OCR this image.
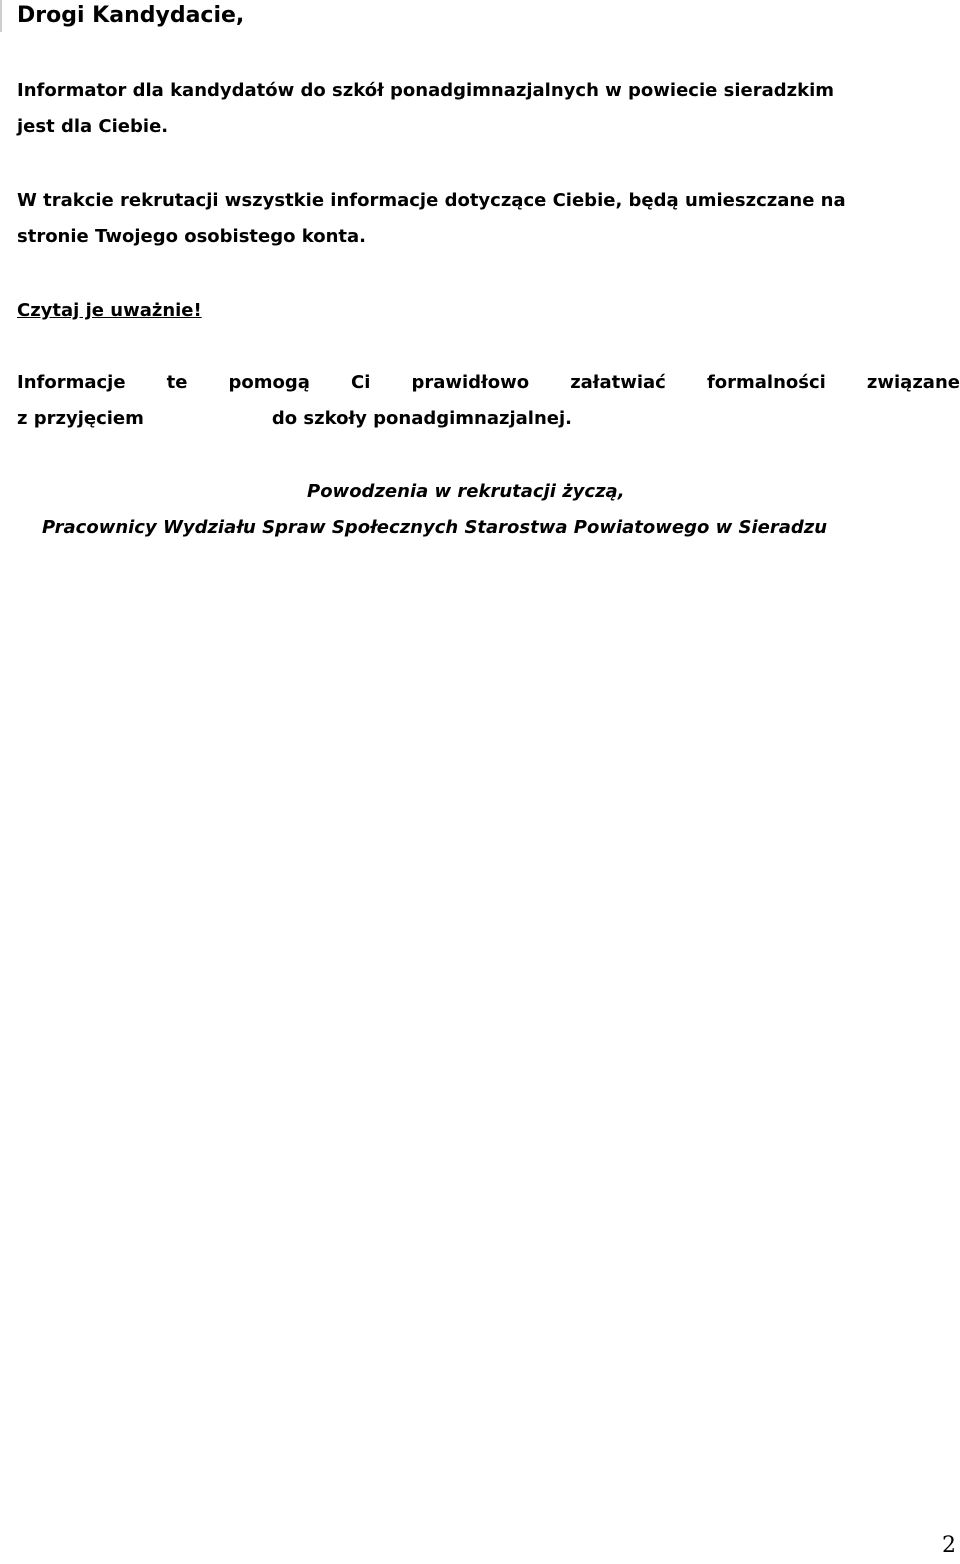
Drogi Kandydacie,
Informator dla kandydatów do szkół ponadgimnazjalnych w powiecie sieradzkim
jest dla Ciebie.
W trakcie rekrutacji wszystkie informacje dotyczące Ciebie, będą umieszczane na
stronie Twojego osobistego konta.
Czytaj je uważnie!
Informacje te pomogą Ci prawidłowo załatwiać formalności związane
z przyjęciem	do szkoły ponadgimnazjalnej.
Powodzenia w rekrutacji życzą,
Pracownicy Wydziału Spraw Społecznych Starostwa Powiatowego w Sieradzu
2
